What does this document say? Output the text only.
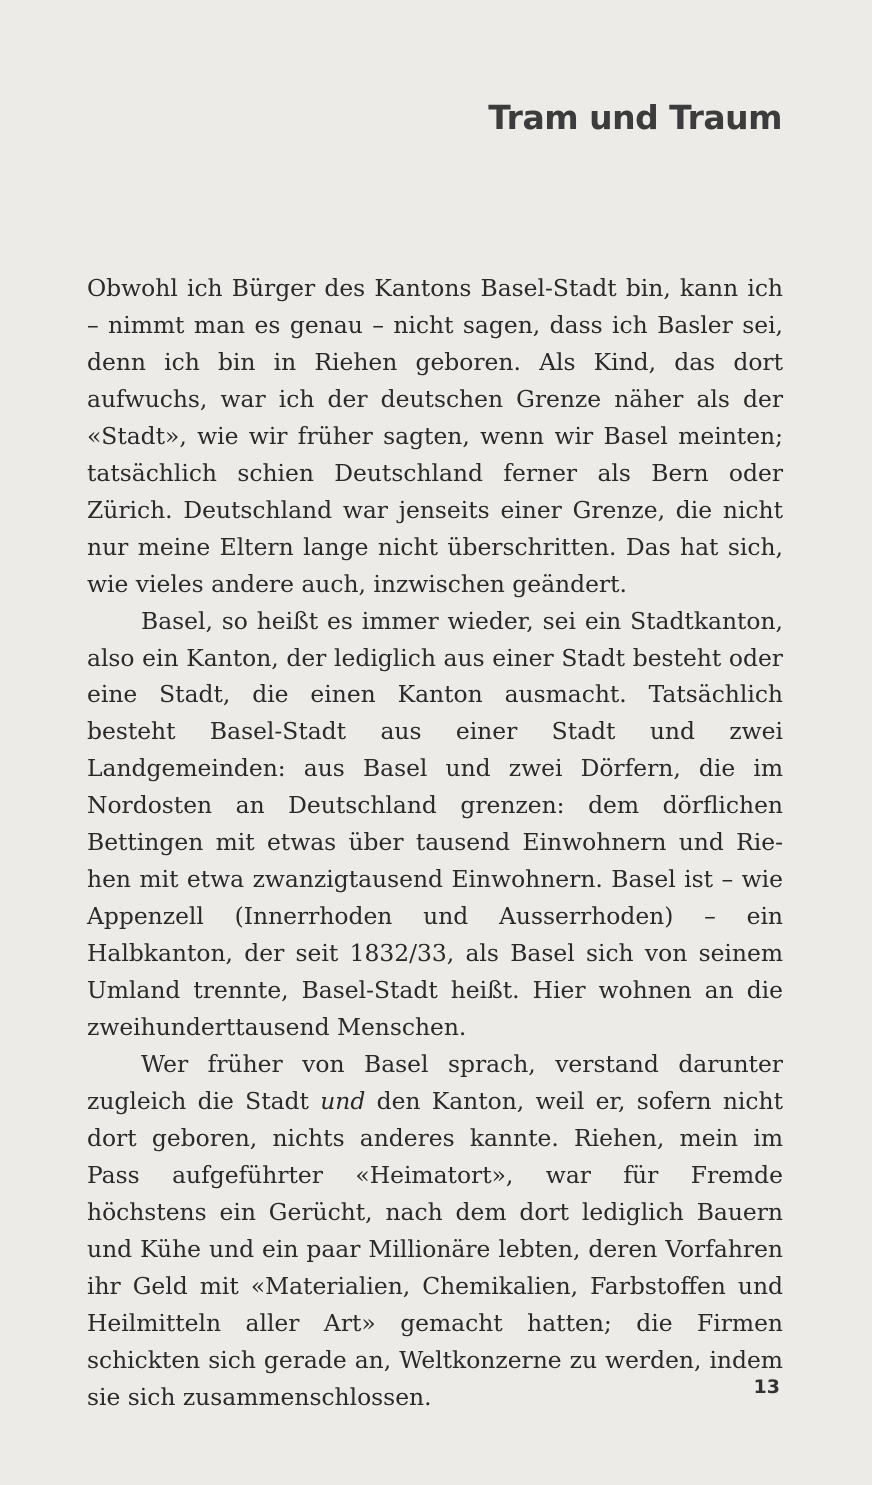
Tram und Traum

Obwohl ich Bürger des Kantons Basel-Stadt bin, kann ich – nimmt man es genau – nicht sagen, dass ich Basler sei, denn ich bin in Riehen geboren. Als Kind, das dort aufwuchs, war ich der deutschen Grenze näher als der «Stadt», wie wir früher sagten, wenn wir Basel meinten; tatsächlich schien Deutschland ferner als Bern oder Zürich. Deutschland war jenseits einer Grenze, die nicht nur meine Eltern lange nicht überschritten. Das hat sich, wie vieles andere auch, inzwischen geändert.

Basel, so heißt es immer wieder, sei ein Stadtkanton, also ein Kanton, der lediglich aus einer Stadt besteht oder eine Stadt, die einen Kanton ausmacht. Tatsächlich besteht Basel-Stadt aus einer Stadt und zwei Landgemeinden: aus Basel und zwei Dörfern, die im Nordosten an Deutschland grenzen: dem dörflichen Bettingen mit etwas über tausend Einwohnern und Riehen mit etwa zwanzigtausend Einwohnern. Basel ist – wie Appenzell (Innerrhoden und Ausserrhoden) – ein Halbkanton, der seit 1832/33, als Basel sich von seinem Umland trennte, Basel-Stadt heißt. Hier wohnen an die zweihunderttausend Menschen.

Wer früher von Basel sprach, verstand darunter zugleich die Stadt und den Kanton, weil er, sofern nicht dort geboren, nichts anderes kannte. Riehen, mein im Pass aufgeführter «Heimatort», war für Fremde höchstens ein Gerücht, nach dem dort lediglich Bauern und Kühe und ein paar Millionäre lebten, deren Vorfahren ihr Geld mit «Materialien, Chemikalien, Farbstoffen und Heilmitteln aller Art» gemacht hatten; die Firmen schickten sich gerade an, Weltkonzerne zu werden, indem sie sich zusammenschlossen.	13
